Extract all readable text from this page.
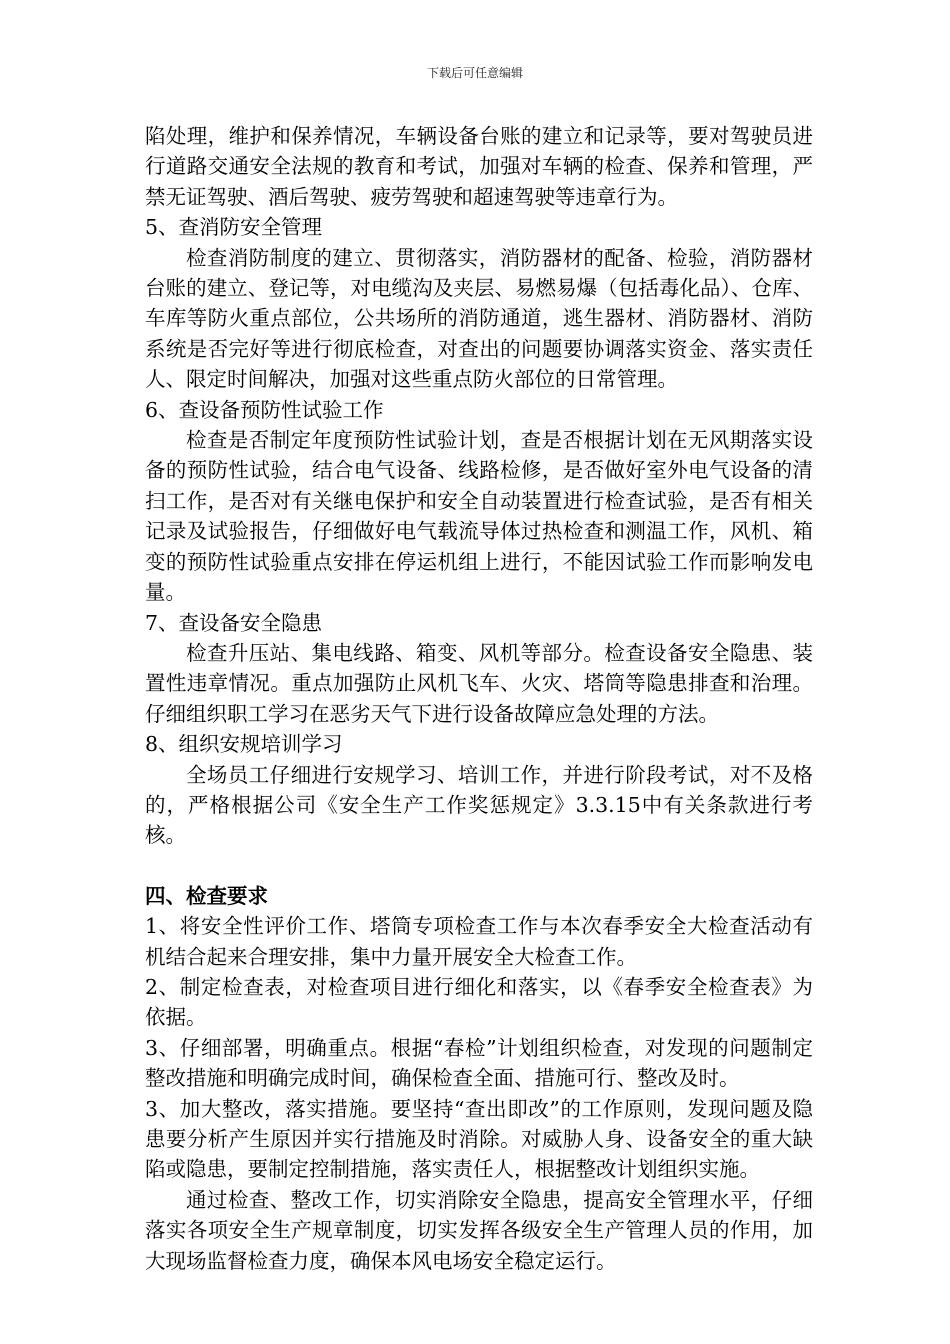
下载后可任意编辑

陷处理，维护和保养情况，车辆设备台账的建立和记录等，要对驾驶员进行道路交通安全法规的教育和考试，加强对车辆的检查、保养和管理，严禁无证驾驶、酒后驾驶、疲劳驾驶和超速驾驶等违章行为。

5、查消防安全管理

检查消防制度的建立、贯彻落实，消防器材的配备、检验，消防器材台账的建立、登记等，对电缆沟及夹层、易燃易爆（包括毒化品）、仓库、车库等防火重点部位，公共场所的消防通道，逃生器材、消防器材、消防系统是否完好等进行彻底检查，对查出的问题要协调落实资金、落实责任人、限定时间解决，加强对这些重点防火部位的日常管理。

6、查设备预防性试验工作

检查是否制定年度预防性试验计划，查是否根据计划在无风期落实设备的预防性试验，结合电气设备、线路检修，是否做好室外电气设备的清扫工作，是否对有关继电保护和安全自动装置进行检查试验，是否有相关记录及试验报告，仔细做好电气载流导体过热检查和测温工作，风机、箱变的预防性试验重点安排在停运机组上进行，不能因试验工作而影响发电量。

7、查设备安全隐患

检查升压站、集电线路、箱变、风机等部分。检查设备安全隐患、装置性违章情况。重点加强防止风机飞车、火灾、塔筒等隐患排查和治理。仔细组织职工学习在恶劣天气下进行设备故障应急处理的方法。

8、组织安规培训学习

全场员工仔细进行安规学习、培训工作，并进行阶段考试，对不及格的，严格根据公司《安全生产工作奖惩规定》3.3.15中有关条款进行考核。

四、检查要求

1、将安全性评价工作、塔筒专项检查工作与本次春季安全大检查活动有机结合起来合理安排，集中力量开展安全大检查工作。

2、制定检查表，对检查项目进行细化和落实，以《春季安全检查表》为依据。

3、仔细部署，明确重点。根据“春检”计划组织检查，对发现的问题制定整改措施和明确完成时间，确保检查全面、措施可行、整改及时。

3、加大整改，落实措施。要坚持“查出即改”的工作原则，发现问题及隐患要分析产生原因并实行措施及时消除。对威胁人身、设备安全的重大缺陷或隐患，要制定控制措施，落实责任人，根据整改计划组织实施。

通过检查、整改工作，切实消除安全隐患，提高安全管理水平，仔细落实各项安全生产规章制度，切实发挥各级安全生产管理人员的作用，加大现场监督检查力度，确保本风电场安全稳定运行。
